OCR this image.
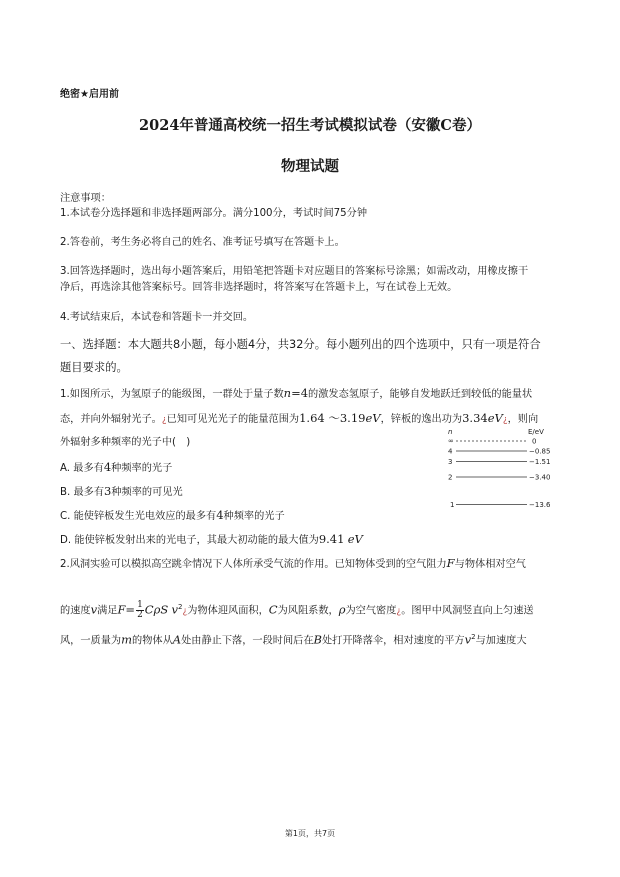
绝密★启用前
2024年普通高校统一招生考试模拟试卷（安徽C卷）
物理试题
注意事项：
1.本试卷分选择题和非选择题两部分。满分100分，考试时间75分钟
2.答卷前，考生务必将自己的姓名、准考证号填写在答题卡上。
3.回答选择题时，选出每小题答案后，用铅笔把答题卡对应题目的答案标号涂黑；如需改动，用橡皮擦干
净后，再选涂其他答案标号。回答非选择题时，将答案写在答题卡上，写在试卷上无效。
4.考试结束后，本试卷和答题卡一并交回。
一、选择题：本大题共8小题，每小题4分，共32分。每小题列出的四个选项中，只有一项是符合
题目要求的。
1.如图所示，为氢原子的能级图，一群处于量子数n=4的激发态氢原子，能够自发地跃迁到较低的能量状
态，并向外辐射光子。¿已知可见光光子的能量范围为1.64 ～3.19eV，锌板的逸出功为3.34eV¿，则向
外辐射多种频率的光子中(　)
A. 最多有4种频率的光子
B. 最多有3种频率的可见光
C. 能使锌板发生光电效应的最多有4种频率的光子
D. 能使锌板发射出来的光电子，其最大初动能的最大值为9.41 eV
n	E/eV
∞	0
4	−0.85
3	−1.51
2	−3.40
1	−13.6
2.风洞实验可以模拟高空跳伞情况下人体所承受气流的作用。已知物体受到的空气阻力F与物体相对空气
的速度v满足$F= \frac{1}{2}$ CρS $v^2¿$为物体迎风面积，C为风阻系数，ρ为空气密度¿。图甲中风洞竖直向上匀速送
风，一质量为m的物体从A处由静止下落，一段时间后在B处打开降落伞，相对速度的平方$v^2$与加速度大
第1页，共7页
